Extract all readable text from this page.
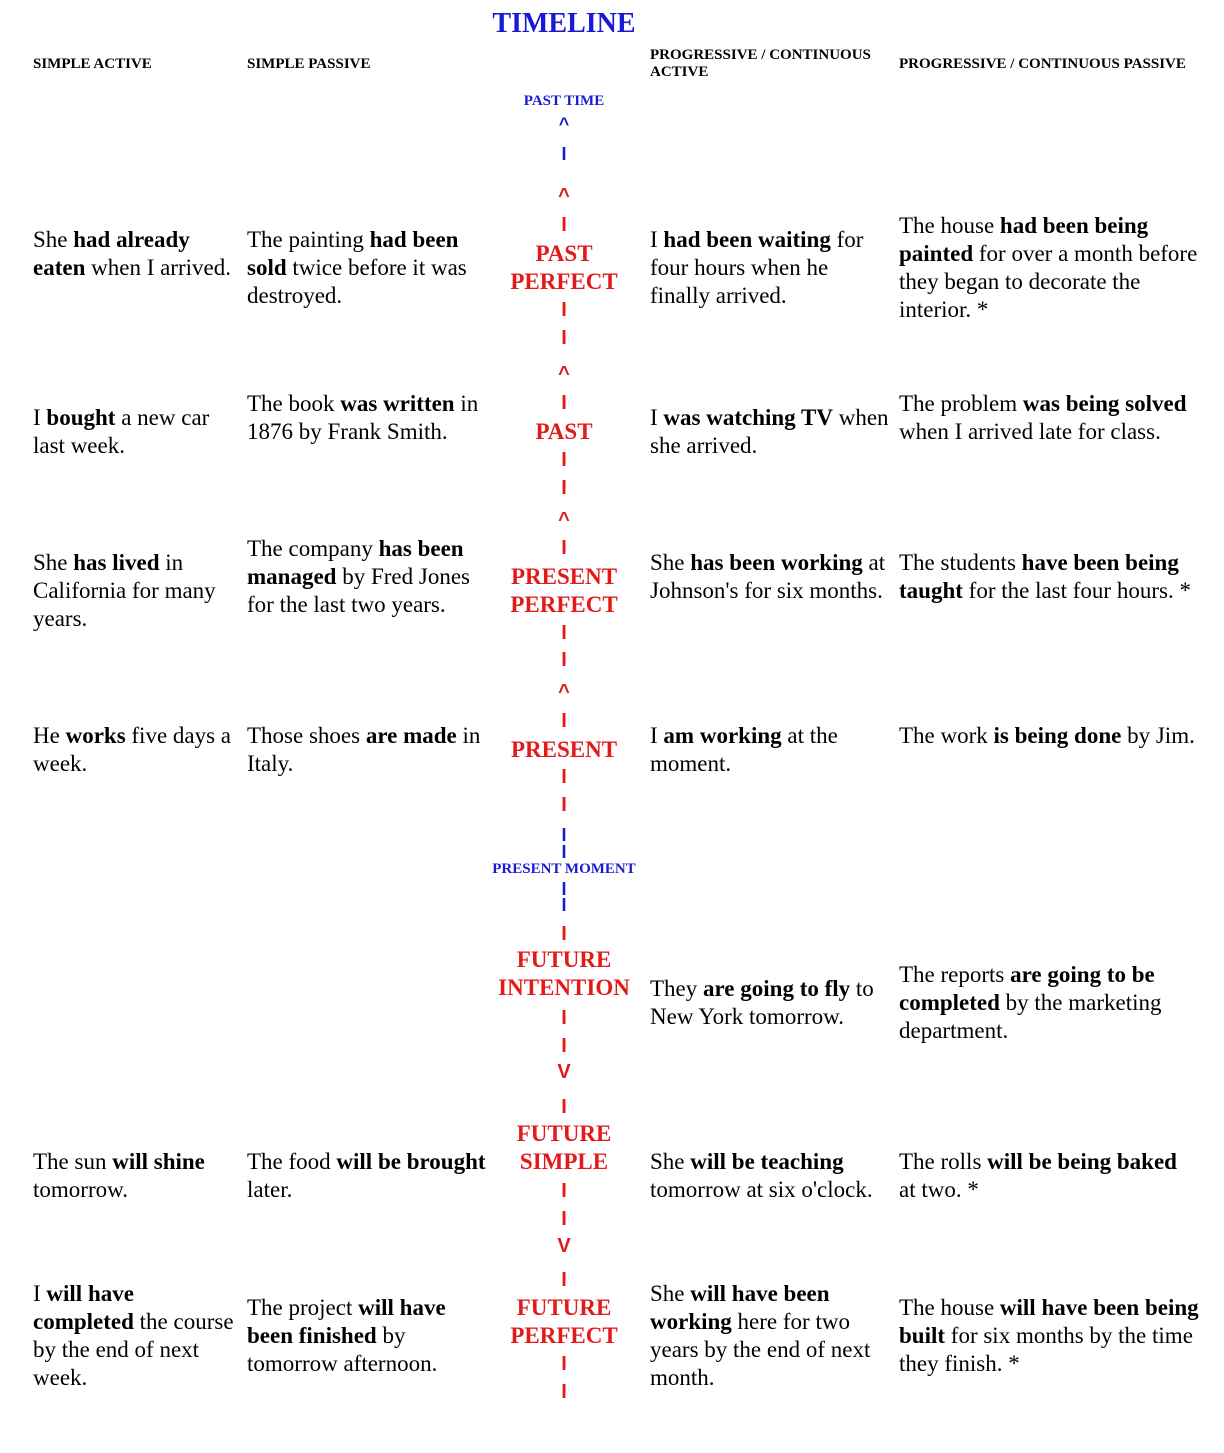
TIMELINE
SIMPLE ACTIVE	SIMPLE PASSIVE
PROGRESSIVE / CONTINUOUS
ACTIVE	PROGRESSIVE / CONTINUOUS PASSIVE
PAST TIME
^
I
^
I
PAST
PERFECT
I
I
^
I
PAST
I
I
^
I
PRESENT
PERFECT
I
I
^
I
PRESENT
I
I
I
I
PRESENT MOMENT
I
I
I
FUTURE
INTENTION
I
I
V
I
FUTURE
SIMPLE
I
I
V
I
FUTURE
PERFECT
I
I
She had already eaten when I arrived.
The painting had been sold twice before it was destroyed.
I had been waiting for four hours when he finally arrived.
The house had been being painted for over a month before they began to decorate the interior. *
I bought a new car last week.
The book was written in 1876 by Frank Smith.
I was watching TV when she arrived.
The problem was being solved when I arrived late for class.
She has lived in California for many years.
The company has been managed by Fred Jones for the last two years.
She has been working at Johnson's for six months.
The students have been being taught for the last four hours. *
He works five days a week.
Those shoes are made in Italy.
I am working at the moment.
The work is being done by Jim.
They are going to fly to New York tomorrow.
The reports are going to be completed by the marketing department.
The sun will shine tomorrow.
The food will be brought later.
She will be teaching tomorrow at six o'clock.
The rolls will be being baked at two. *
I will have completed the course by the end of next week.
The project will have been finished by tomorrow afternoon.
She will have been working here for two years by the end of next month.
The house will have been being built for six months by the time they finish. *
